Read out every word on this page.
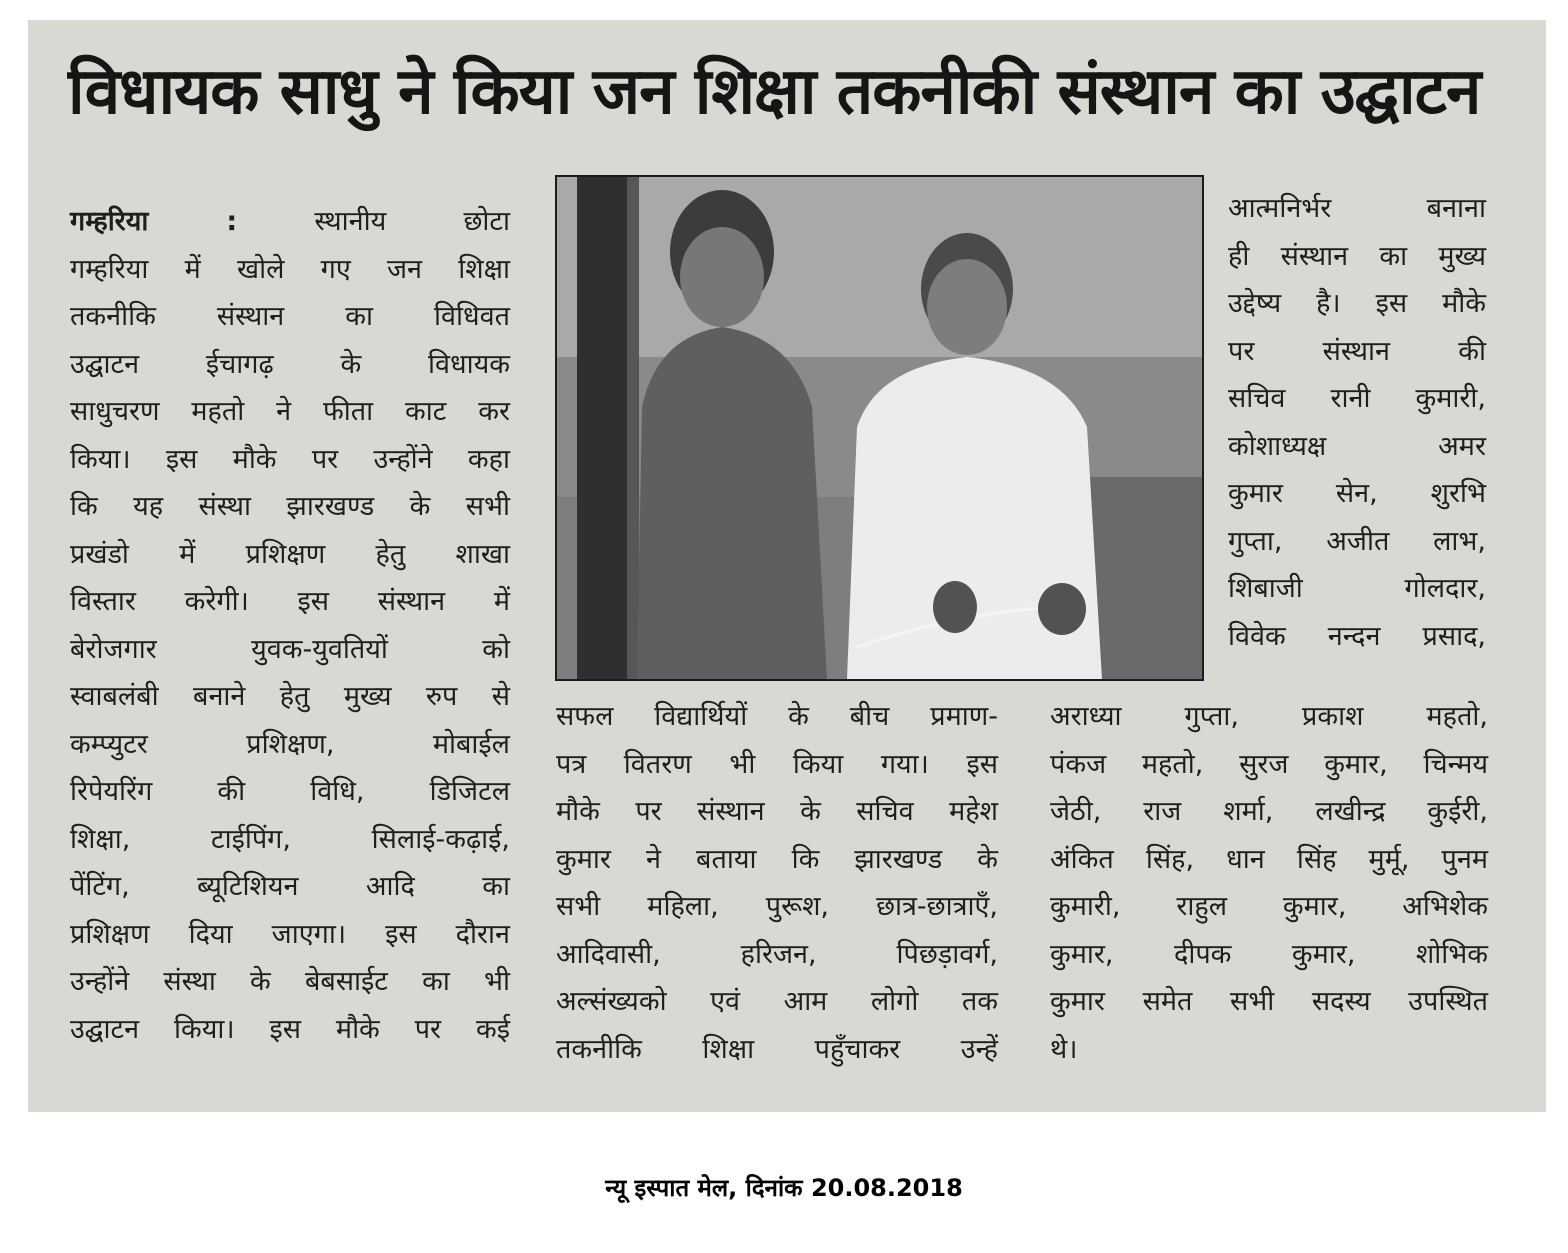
विधायक साधु ने किया जन शिक्षा तकनीकी संस्थान का उद्घाटन
गम्हरिया :	स्थानीय छोटा
गम्हरिया में खोले गए जन शिक्षा
तकनीकि संस्थान का विधिवत
उद्घाटन ईचागढ़ के विधायक
साधुचरण महतो ने फीता काट कर
किया। इस मौके पर उन्होंने कहा
कि यह संस्था झारखण्ड के सभी
प्रखंडो में प्रशिक्षण हेतु शाखा
विस्तार करेगी। इस संस्थान में
बेरोजगार युवक-युवतियों को
स्वाबलंबी बनाने हेतु मुख्य रुप से
कम्प्युटर प्रशिक्षण, मोबाईल
रिपेयरिंग की विधि, डिजिटल
शिक्षा, टाईपिंग, सिलाई-कढ़ाई,
पेंटिंग, ब्यूटिशियन आदि का
प्रशिक्षण दिया जाएगा। इस दौरान
उन्होंने संस्था के बेबसाईट का भी
उद्घाटन किया। इस मौके पर कई
सफल विद्यार्थियों के बीच प्रमाण-
पत्र वितरण भी किया गया। इस
मौके पर संस्थान के सचिव महेश
कुमार ने बताया कि झारखण्ड के
सभी महिला, पुरूश, छात्र-छात्राएँ,
आदिवासी, हरिजन, पिछड़ावर्ग,
अल्संख्यको एवं आम लोगो तक
तकनीकि शिक्षा पहुँचाकर उन्हें
आत्मनिर्भर बनाना
ही संस्थान का मुख्य
उद्देष्य है। इस मौके
पर संस्थान की
सचिव रानी कुमारी,
कोशाध्यक्ष अमर
कुमार सेन, शुरभि
गुप्ता, अजीत लाभ,
शिबाजी गोलदार,
विवेक नन्दन प्रसाद,
अराध्या गुप्ता, प्रकाश महतो,
पंकज महतो, सुरज कुमार, चिन्मय
जेठी, राज शर्मा, लखीन्द्र कुईरी,
अंकित सिंह, धान सिंह मुर्मू, पुनम
कुमारी, राहुल कुमार, अभिशेक
कुमार, दीपक कुमार, शोभिक
कुमार समेत सभी सदस्य उपस्थित
थे।

न्यू इस्पात मेल, दिनांक 20.08.2018
